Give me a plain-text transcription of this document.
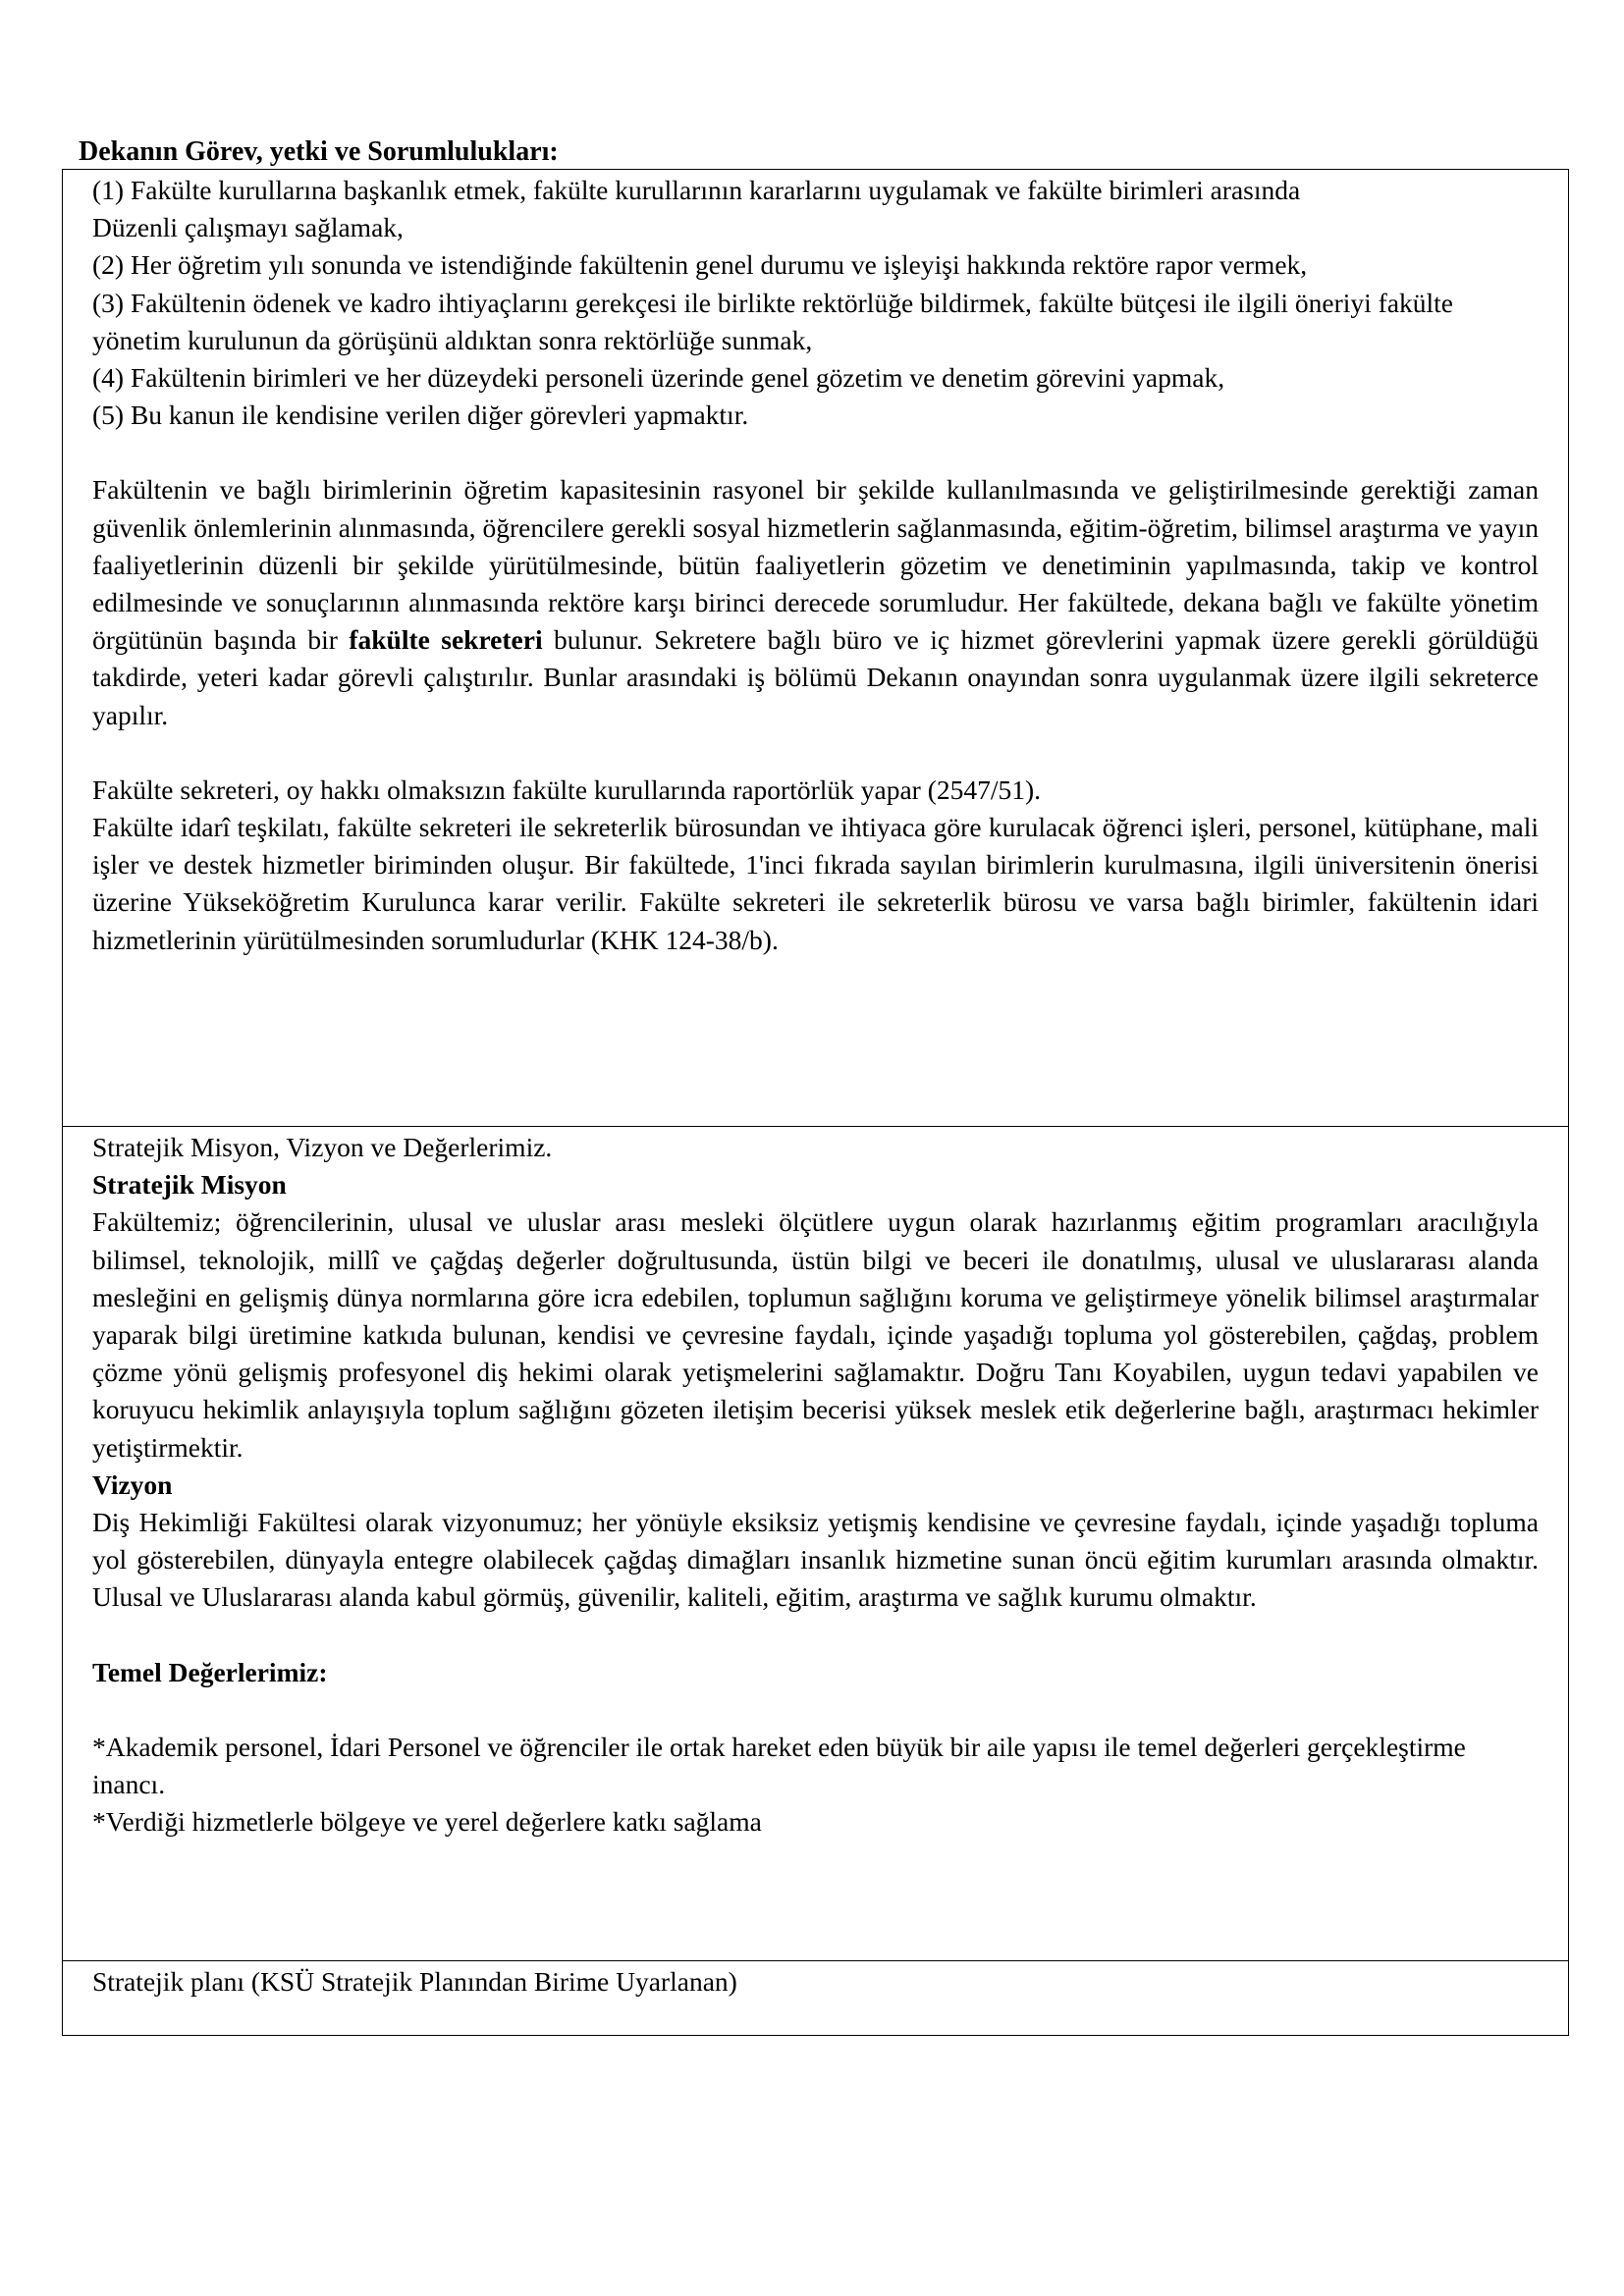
Dekanın Görev, yetki ve Sorumlulukları:

(1) Fakülte kurullarına başkanlık etmek, fakülte kurullarının kararlarını uygulamak ve fakülte birimleri arasında

Düzenli çalışmayı sağlamak,

(2) Her öğretim yılı sonunda ve istendiğinde fakültenin genel durumu ve işleyişi hakkında rektöre rapor vermek,

(3) Fakültenin ödenek ve kadro ihtiyaçlarını gerekçesi ile birlikte rektörlüğe bildirmek, fakülte bütçesi ile ilgili öneriyi fakülte yönetim kurulunun da görüşünü aldıktan sonra rektörlüğe sunmak,

(4) Fakültenin birimleri ve her düzeydeki personeli üzerinde genel gözetim ve denetim görevini yapmak,

(5) Bu kanun ile kendisine verilen diğer görevleri yapmaktır.

Fakültenin ve bağlı birimlerinin öğretim kapasitesinin rasyonel bir şekilde kullanılmasında ve geliştirilmesinde gerektiği zaman güvenlik önlemlerinin alınmasında, öğrencilere gerekli sosyal hizmetlerin sağlanmasında, eğitim-öğretim, bilimsel araştırma ve yayın faaliyetlerinin düzenli bir şekilde yürütülmesinde, bütün faaliyetlerin gözetim ve denetiminin yapılmasında, takip ve kontrol edilmesinde ve sonuçlarının alınmasında rektöre karşı birinci derecede sorumludur. Her fakültede, dekana bağlı ve fakülte yönetim örgütünün başında bir fakülte sekreteri bulunur. Sekretere bağlı büro ve iç hizmet görevlerini yapmak üzere gerekli görüldüğü takdirde, yeteri kadar görevli çalıştırılır. Bunlar arasındaki iş bölümü Dekanın onayından sonra uygulanmak üzere ilgili sekreterce yapılır.

Fakülte sekreteri, oy hakkı olmaksızın fakülte kurullarında raportörlük yapar (2547/51).

Fakülte idarî teşkilatı, fakülte sekreteri ile sekreterlik bürosundan ve ihtiyaca göre kurulacak öğrenci işleri, personel, kütüphane, mali işler ve destek hizmetler biriminden oluşur. Bir fakültede, 1'inci fıkrada sayılan birimlerin kurulmasına, ilgili üniversitenin önerisi üzerine Yükseköğretim Kurulunca karar verilir. Fakülte sekreteri ile sekreterlik bürosu ve varsa bağlı birimler, fakültenin idari hizmetlerinin yürütülmesinden sorumludurlar (KHK 124-38/b).

Stratejik Misyon, Vizyon ve Değerlerimiz.

Stratejik Misyon

Fakültemiz; öğrencilerinin, ulusal ve uluslar arası mesleki ölçütlere uygun olarak hazırlanmış eğitim programları aracılığıyla bilimsel, teknolojik, millî ve çağdaş değerler doğrultusunda, üstün bilgi ve beceri ile donatılmış, ulusal ve uluslararası alanda mesleğini en gelişmiş dünya normlarına göre icra edebilen, toplumun sağlığını koruma ve geliştirmeye yönelik bilimsel araştırmalar yaparak bilgi üretimine katkıda bulunan, kendisi ve çevresine faydalı, içinde yaşadığı topluma yol gösterebilen, çağdaş, problem çözme yönü gelişmiş profesyonel diş hekimi olarak yetişmelerini sağlamaktır. Doğru Tanı Koyabilen, uygun tedavi yapabilen ve koruyucu hekimlik anlayışıyla toplum sağlığını gözeten iletişim becerisi yüksek meslek etik değerlerine bağlı, araştırmacı hekimler yetiştirmektir.

Vizyon

Diş Hekimliği Fakültesi olarak vizyonumuz; her yönüyle eksiksiz yetişmiş kendisine ve çevresine faydalı, içinde yaşadığı topluma yol gösterebilen, dünyayla entegre olabilecek çağdaş dimağları insanlık hizmetine sunan öncü eğitim kurumları arasında olmaktır. Ulusal ve Uluslararası alanda kabul görmüş, güvenilir, kaliteli, eğitim, araştırma ve sağlık kurumu olmaktır.

Temel Değerlerimiz:

*Akademik personel, İdari Personel ve öğrenciler ile ortak hareket eden büyük bir aile yapısı ile temel değerleri gerçekleştirme inancı.

*Verdiği hizmetlerle bölgeye ve yerel değerlere katkı sağlama

Stratejik planı (KSÜ Stratejik Planından Birime Uyarlanan)
